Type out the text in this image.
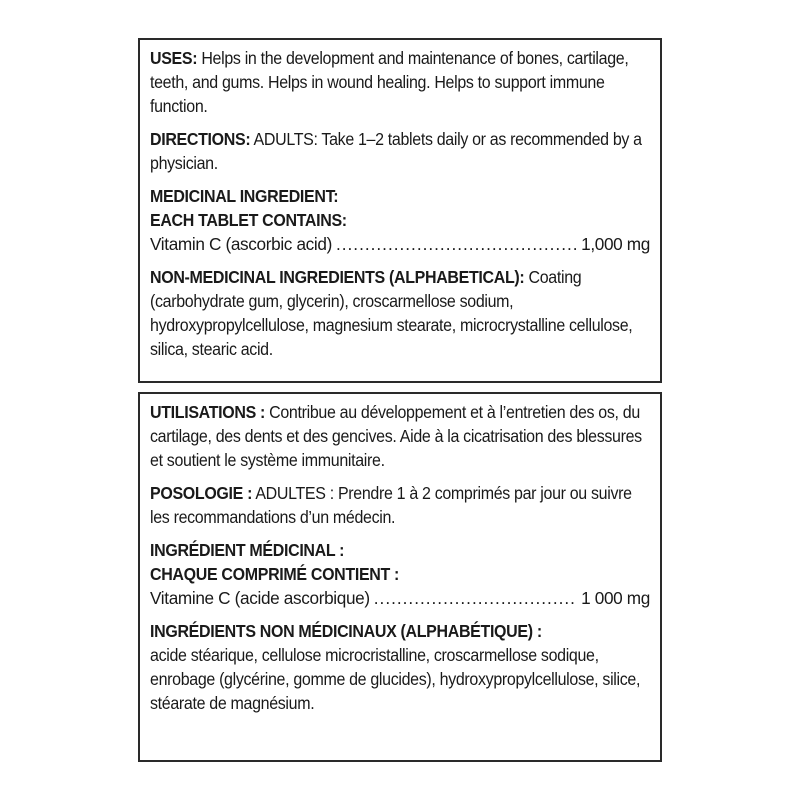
USES: Helps in the development and maintenance of bones, cartilage, teeth, and gums. Helps in wound healing. Helps to support immune function.

DIRECTIONS: ADULTS: Take 1–2 tablets daily or as recommended by a physician.

MEDICINAL INGREDIENT:
EACH TABLET CONTAINS:

Vitamin C (ascorbic acid) .....	1,000 mg

NON-MEDICINAL INGREDIENTS (ALPHABETICAL): Coating (carbohydrate gum, glycerin), croscarmellose sodium, hydroxypropylcellulose, magnesium stearate, microcrystalline cellulose, silica, stearic acid.

UTILISATIONS : Contribue au développement et à l’entretien des os, du cartilage, des dents et des gencives. Aide à la cicatrisation des blessures et soutient le système immunitaire.

POSOLOGIE : ADULTES : Prendre 1 à 2 comprimés par jour ou suivre les recommandations d’un médecin.

INGRÉDIENT MÉDICINAL :
CHAQUE COMPRIMÉ CONTIENT :

Vitamine C (acide ascorbique) .....	1 000 mg

INGRÉDIENTS NON MÉDICINAUX (ALPHABÉTIQUE) :
acide stéarique, cellulose microcristalline, croscarmellose sodique, enrobage (glycérine, gomme de glucides), hydroxypropylcellulose, silice, stéarate de magnésium.
